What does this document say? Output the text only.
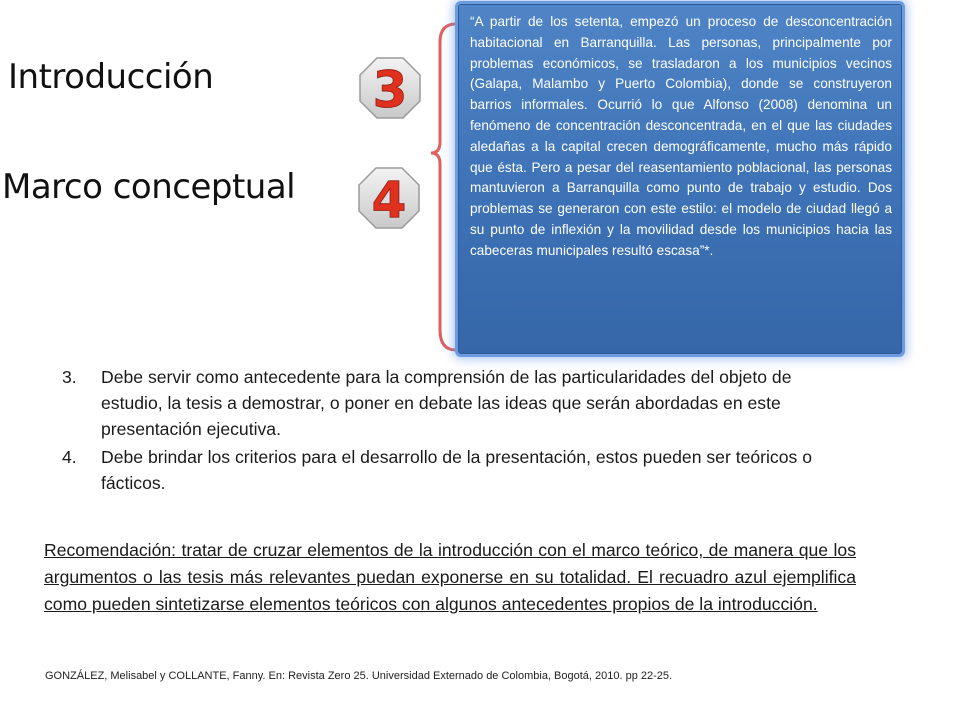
Introducción
Marco conceptual
3
4

“A partir de los setenta, empezó un proceso de desconcentración habitacional en Barranquilla. Las personas, principalmente por problemas económicos, se trasladaron a los municipios vecinos (Galapa, Malambo y Puerto Colombia), donde se construyeron barrios informales. Ocurrió lo que Alfonso (2008) denomina un fenómeno de concentración desconcentrada, en el que las ciudades aledañas a la capital crecen demográficamente, mucho más rápido que ésta. Pero a pesar del reasentamiento poblacional, las personas mantuvieron a Barranquilla como punto de trabajo y estudio. Dos problemas se generaron con este estilo: el modelo de ciudad llegó a su punto de inflexión y la movilidad desde los municipios hacia las cabeceras municipales resultó escasa”*.

3. Debe servir como antecedente para la comprensión de las particularidades del objeto de estudio, la tesis a demostrar, o poner en debate las ideas que serán abordadas en este presentación ejecutiva.
4. Debe brindar los criterios para el desarrollo de la presentación, estos pueden ser teóricos o fácticos.

Recomendación: tratar de cruzar elementos de la introducción con el marco teórico, de manera que los argumentos o las tesis más relevantes puedan exponerse en su totalidad. El recuadro azul ejemplifica como pueden sintetizarse elementos teóricos con algunos antecedentes propios de la introducción.

GONZÁLEZ, Melisabel y COLLANTE, Fanny. En: Revista Zero 25. Universidad Externado de Colombia, Bogotá, 2010. pp 22-25.
